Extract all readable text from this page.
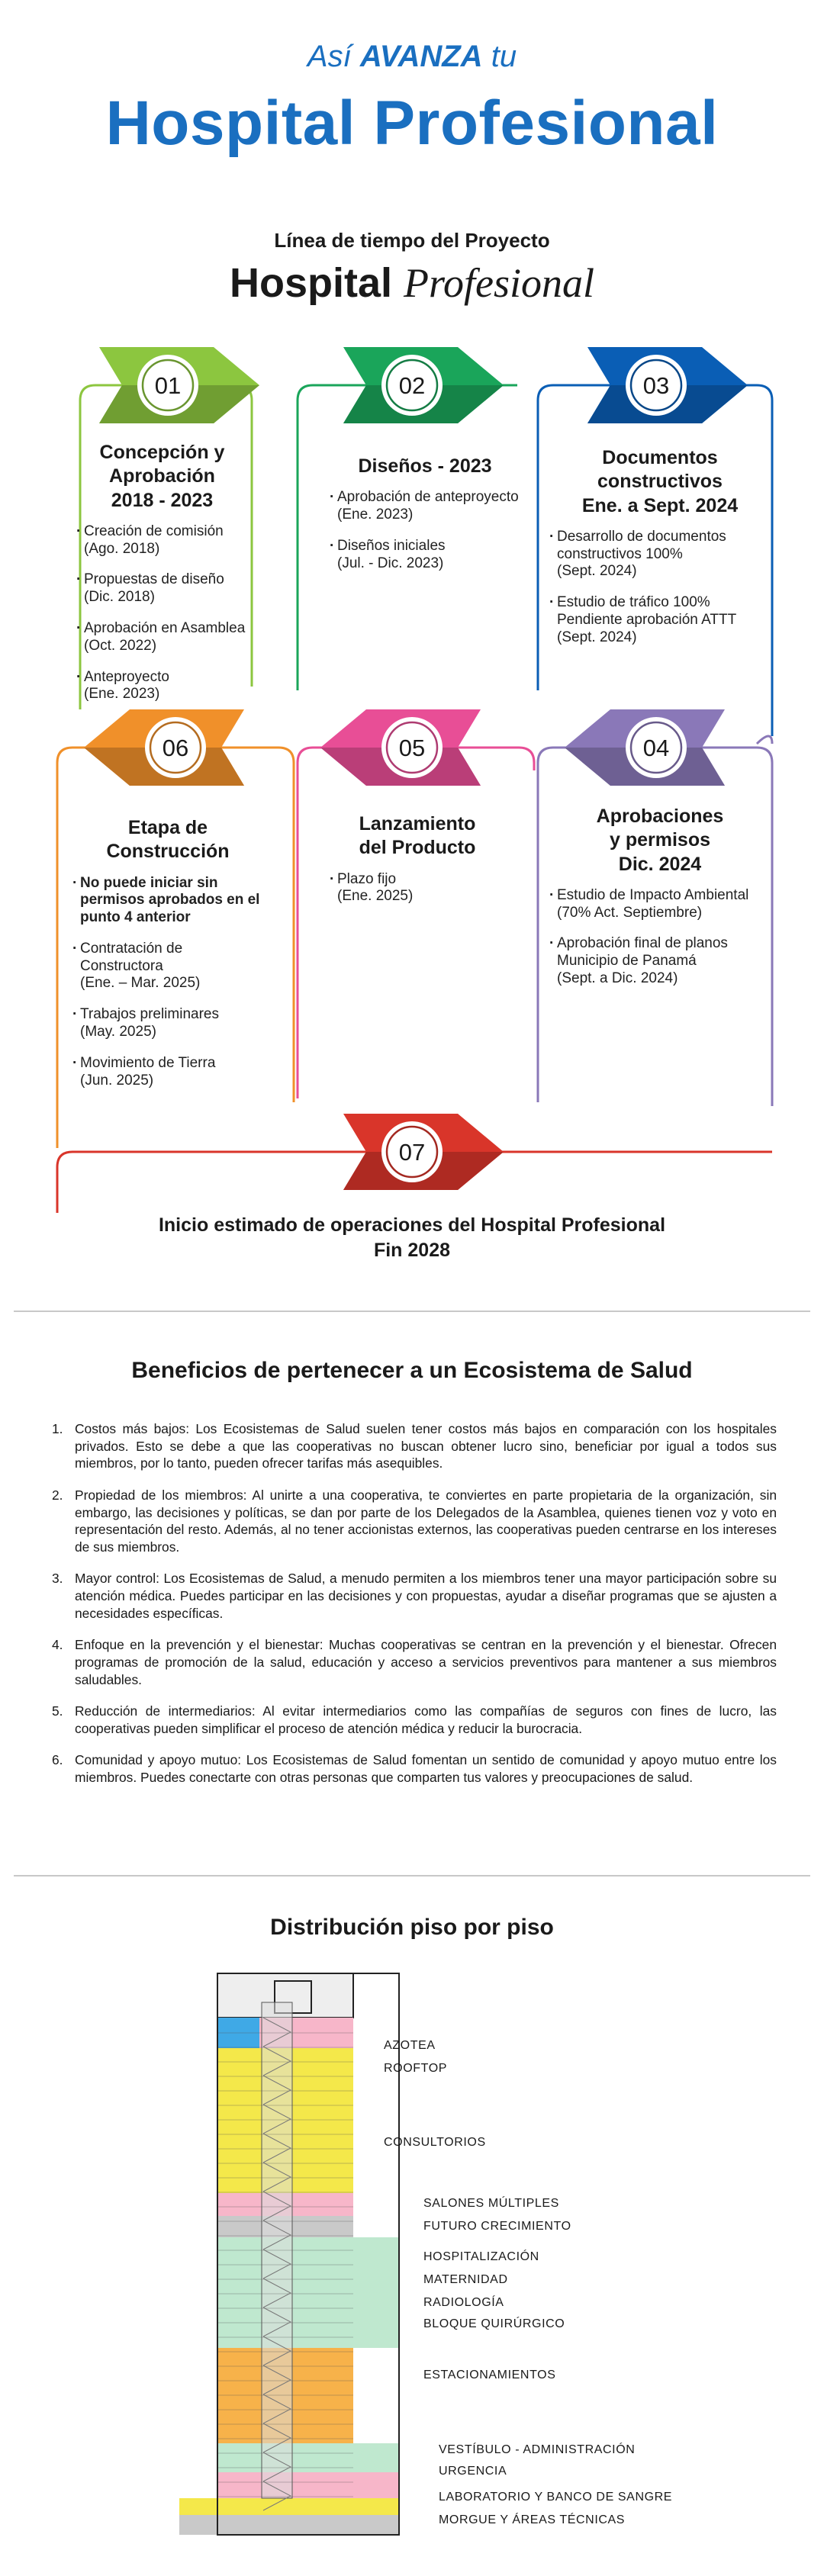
Así AVANZA tu
Hospital Profesional
Línea de tiempo del Proyecto
Hospital Profesional
01	02	03
04
05
06
07
Concepción y
Aprobación
2018 - 2023
· Creación de comisión
(Ago. 2018)
· Propuestas de diseño
(Dic. 2018)
· Aprobación en Asamblea
(Oct. 2022)
· Anteproyecto
(Ene. 2023)
Diseños - 2023
· Aprobación de anteproyecto
(Ene. 2023)
· Diseños iniciales
(Jul. - Dic. 2023)
Documentos
constructivos
Ene. a Sept. 2024
· Desarrollo de documentos constructivos 100%
(Sept. 2024)
· Estudio de tráfico 100% Pendiente aprobación ATTT
(Sept. 2024)
Aprobaciones
y permisos
Dic. 2024
· Estudio de Impacto Ambiental
(70% Act. Septiembre)
· Aprobación final de planos Municipio de Panamá
(Sept. a Dic. 2024)
Lanzamiento
del Producto
· Plazo fijo
(Ene. 2025)
Etapa de
Construcción
· No puede iniciar sin permisos aprobados en el punto 4 anterior
· Contratación de Constructora
(Ene. – Mar. 2025)
· Trabajos preliminares
(May. 2025)
· Movimiento de Tierra
(Jun. 2025)
Inicio estimado de operaciones del Hospital Profesional
Fin 2028
Beneficios de pertenecer a un Ecosistema de Salud
1. Costos más bajos: Los Ecosistemas de Salud suelen tener costos más bajos en comparación con los hospitales privados. Esto se debe a que las cooperativas no buscan obtener lucro sino, beneficiar por igual a todos sus miembros, por lo tanto, pueden ofrecer tarifas más asequibles.
2. Propiedad de los miembros: Al unirte a una cooperativa, te conviertes en parte propietaria de la organización, sin embargo, las decisiones y políticas, se dan por parte de los Delegados de la Asamblea, quienes tienen voz y voto en representación del resto. Además, al no tener accionistas externos, las cooperativas pueden centrarse en los intereses de sus miembros.
3. Mayor control: Los Ecosistemas de Salud, a menudo permiten a los miembros tener una mayor participación sobre su atención médica. Puedes participar en las decisiones y con propuestas, ayudar a diseñar programas que se ajusten a necesidades específicas.
4. Enfoque en la prevención y el bienestar: Muchas cooperativas se centran en la prevención y el bienestar. Ofrecen programas de promoción de la salud, educación y acceso a servicios preventivos para mantener a sus miembros saludables.
5. Reducción de intermediarios: Al evitar intermediarios como las compañías de seguros con fines de lucro, las cooperativas pueden simplificar el proceso de atención médica y reducir la burocracia.
6. Comunidad y apoyo mutuo: Los Ecosistemas de Salud fomentan un sentido de comunidad y apoyo mutuo entre los miembros. Puedes conectarte con otras personas que comparten tus valores y preocupaciones de salud.
Distribución piso por piso
AZOTEA
ROOFTOP
CONSULTORIOS
SALONES MÚLTIPLES
FUTURO CRECIMIENTO
HOSPITALIZACIÓN
MATERNIDAD
RADIOLOGÍA
BLOQUE QUIRÚRGICO
ESTACIONAMIENTOS
VESTÍBULO - ADMINISTRACIÓN
URGENCIA
LABORATORIO Y BANCO DE SANGRE
MORGUE Y ÁREAS TÉCNICAS
